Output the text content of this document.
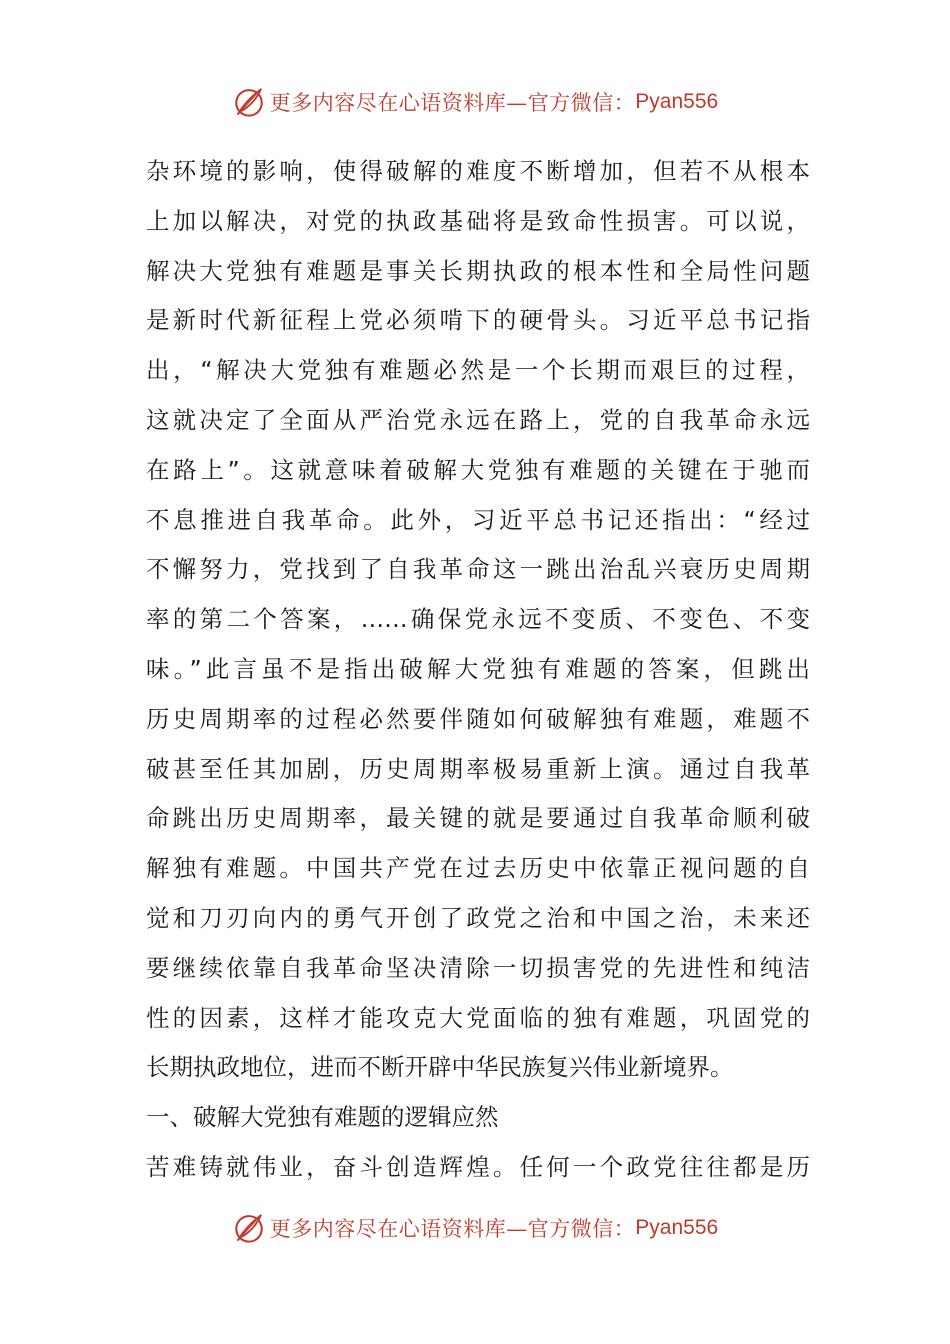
更多内容尽在心语资料库—官方微信： Pyan556
杂环境的影响，使得破解的难度不断增加，但若不从根本
上加以解决，对党的执政基础将是致命性损害。可以说，
解决大党独有难题是事关长期执政的根本性和全局性问题
是新时代新征程上党必须啃下的硬骨头。习近平总书记指
出，“解决大党独有难题必然是一个长期而艰巨的过程，
这就决定了全面从严治党永远在路上，党的自我革命永远
在路上”。这就意味着破解大党独有难题的关键在于驰而
不息推进自我革命。此外，习近平总书记还指出：“经过
不懈努力，党找到了自我革命这一跳出治乱兴衰历史周期
率的第二个答案，……确保党永远不变质、不变色、不变
味。”此言虽不是指出破解大党独有难题的答案，但跳出
历史周期率的过程必然要伴随如何破解独有难题，难题不
破甚至任其加剧，历史周期率极易重新上演。通过自我革
命跳出历史周期率，最关键的就是要通过自我革命顺利破
解独有难题。中国共产党在过去历史中依靠正视问题的自
觉和刀刃向内的勇气开创了政党之治和中国之治，未来还
要继续依靠自我革命坚决清除一切损害党的先进性和纯洁
性的因素，这样才能攻克大党面临的独有难题，巩固党的
长期执政地位，进而不断开辟中华民族复兴伟业新境界。
一、破解大党独有难题的逻辑应然
苦难铸就伟业，奋斗创造辉煌。任何一个政党往往都是历
更多内容尽在心语资料库—官方微信： Pyan556
